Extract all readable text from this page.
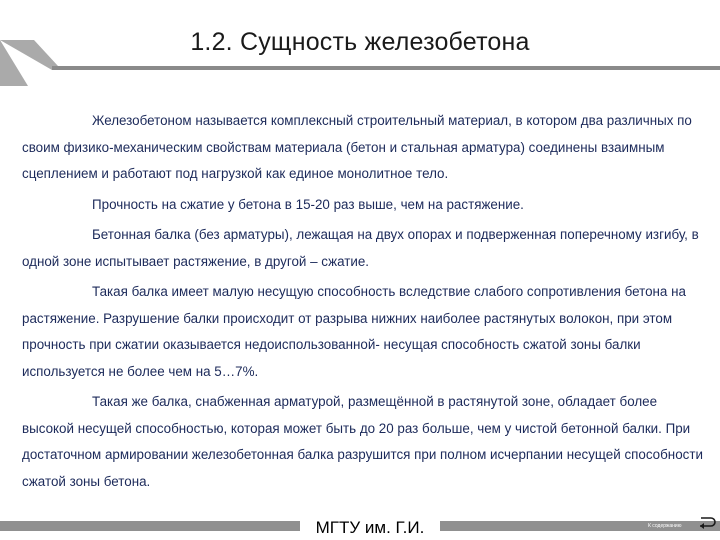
1.2. Сущность железобетона

Железобетоном называется комплексный строительный материал, в котором два различных по своим физико-механическим свойствам материала (бетон и стальная арматура) соединены взаимным сцеплением и работают под нагрузкой как единое монолитное тело.

Прочность на сжатие у бетона в 15-20 раз выше, чем на растяжение.

Бетонная балка (без арматуры), лежащая на двух опорах и подверженная поперечному изгибу, в одной зоне испытывает растяжение, в другой – сжатие.

Такая балка имеет малую несущую способность вследствие слабого сопротивления бетона на растяжение. Разрушение балки происходит от разрыва нижних наиболее растянутых волокон, при этом прочность при сжатии оказывается недоиспользованной- несущая способность сжатой зоны балки используется не более чем на 5…7%.

Такая же балка, снабженная арматурой, размещённой в растянутой зоне, обладает более высокой несущей способностью, которая может быть до 20 раз больше, чем у чистой бетонной балки. При достаточном армировании железобетонная балка разрушится при полном исчерпании несущей способности сжатой зоны бетона.

МГТУ им. Г.И.	К содержанию
